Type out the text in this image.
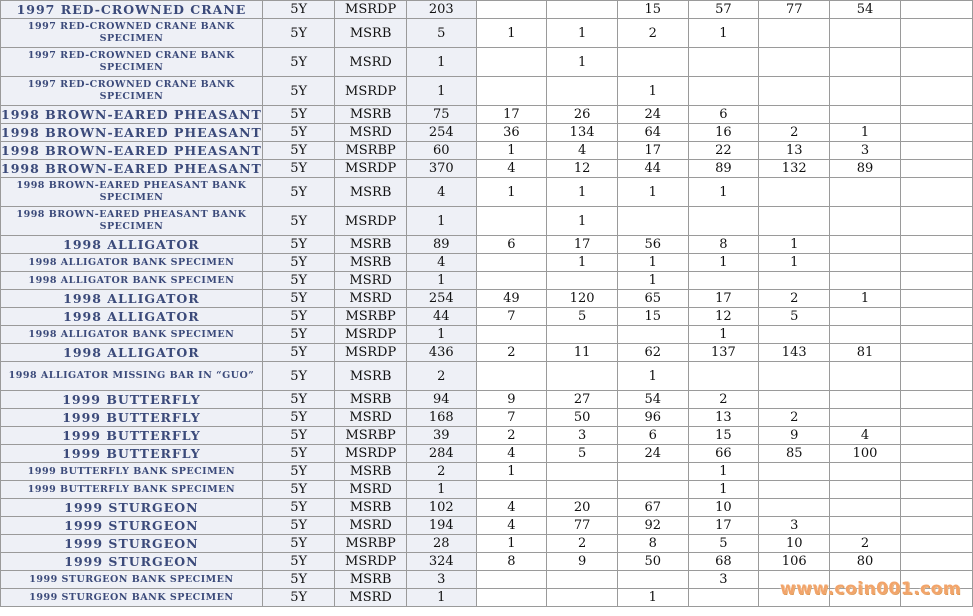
1997 RED-CROWNED CRANE	5Y	MSRDP	203			15	57	77	54	
1997 RED-CROWNED CRANE BANK SPECIMEN	5Y	MSRB	5	1	1	2	1			
1997 RED-CROWNED CRANE BANK SPECIMEN	5Y	MSRD	1		1					
1997 RED-CROWNED CRANE BANK SPECIMEN	5Y	MSRDP	1			1				
1998 BROWN-EARED PHEASANT	5Y	MSRB	75	17	26	24	6			
1998 BROWN-EARED PHEASANT	5Y	MSRD	254	36	134	64	16	2	1	
1998 BROWN-EARED PHEASANT	5Y	MSRBP	60	1	4	17	22	13	3	
1998 BROWN-EARED PHEASANT	5Y	MSRDP	370	4	12	44	89	132	89	
1998 BROWN-EARED PHEASANT BANK SPECIMEN	5Y	MSRB	4	1	1	1	1			
1998 BROWN-EARED PHEASANT BANK SPECIMEN	5Y	MSRDP	1		1					
1998 ALLIGATOR	5Y	MSRB	89	6	17	56	8	1		
1998 ALLIGATOR BANK SPECIMEN	5Y	MSRB	4		1	1	1	1		
1998 ALLIGATOR BANK SPECIMEN	5Y	MSRD	1			1				
1998 ALLIGATOR	5Y	MSRD	254	49	120	65	17	2	1	
1998 ALLIGATOR	5Y	MSRBP	44	7	5	15	12	5		
1998 ALLIGATOR BANK SPECIMEN	5Y	MSRDP	1				1			
1998 ALLIGATOR	5Y	MSRDP	436	2	11	62	137	143	81	
1998 ALLIGATOR MISSING BAR IN “GUO”	5Y	MSRB	2			1				
1999 BUTTERFLY	5Y	MSRB	94	9	27	54	2			
1999 BUTTERFLY	5Y	MSRD	168	7	50	96	13	2		
1999 BUTTERFLY	5Y	MSRBP	39	2	3	6	15	9	4	
1999 BUTTERFLY	5Y	MSRDP	284	4	5	24	66	85	100	
1999 BUTTERFLY BANK SPECIMEN	5Y	MSRB	2	1			1			
1999 BUTTERFLY BANK SPECIMEN	5Y	MSRD	1				1			
1999 STURGEON	5Y	MSRB	102	4	20	67	10			
1999 STURGEON	5Y	MSRD	194	4	77	92	17	3		
1999 STURGEON	5Y	MSRBP	28	1	2	8	5	10	2	
1999 STURGEON	5Y	MSRDP	324	8	9	50	68	106	80	
1999 STURGEON BANK SPECIMEN	5Y	MSRB	3				3			
1999 STURGEON BANK SPECIMEN	5Y	MSRD	1			1					www.coin001.com
